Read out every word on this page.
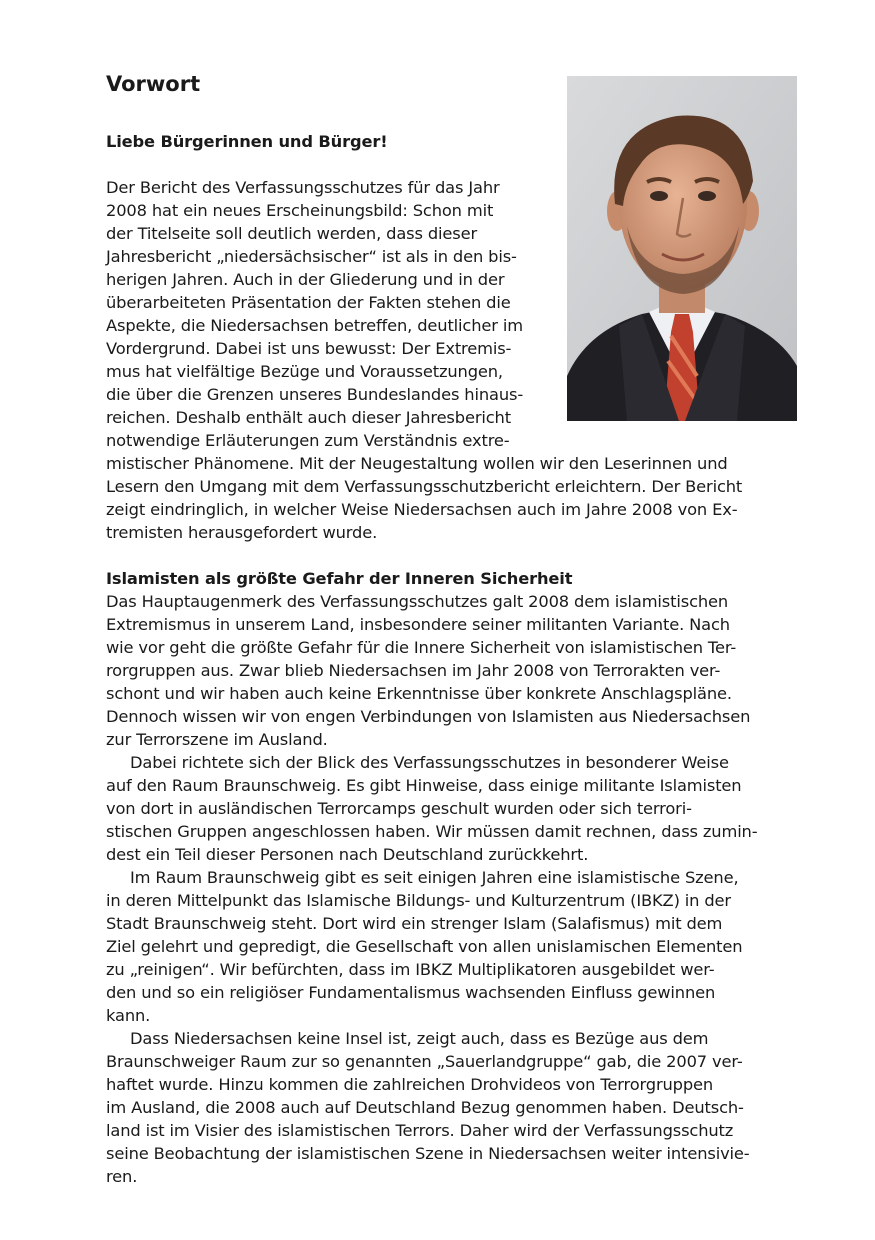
Vorwort
Liebe Bürgerinnen und Bürger!
Der Bericht des Verfassungsschutzes für das Jahr
2008 hat ein neues Erscheinungsbild: Schon mit
der Titelseite soll deutlich werden, dass dieser
Jahresbericht „niedersächsischer“ ist als in den bis-
herigen Jahren. Auch in der Gliederung und in der
überarbeiteten Präsentation der Fakten stehen die
Aspekte, die Niedersachsen betreffen, deutlicher im
Vordergrund. Dabei ist uns bewusst: Der Extremis-
mus hat vielfältige Bezüge und Voraussetzungen,
die über die Grenzen unseres Bundeslandes hinaus-
reichen. Deshalb enthält auch dieser Jahresbericht
notwendige Erläuterungen zum Verständnis extre-
mistischer Phänomene. Mit der Neugestaltung wollen wir den Leserinnen und
Lesern den Umgang mit dem Verfassungsschutzbericht erleichtern. Der Bericht
zeigt eindringlich, in welcher Weise Niedersachsen auch im Jahre 2008 von Ex-
tremisten herausgefordert wurde.
Islamisten als größte Gefahr der Inneren Sicherheit
Das Hauptaugenmerk des Verfassungsschutzes galt 2008 dem islamistischen
Extremismus in unserem Land, insbesondere seiner militanten Variante. Nach
wie vor geht die größte Gefahr für die Innere Sicherheit von islamistischen Ter-
rorgruppen aus. Zwar blieb Niedersachsen im Jahr 2008 von Terrorakten ver-
schont und wir haben auch keine Erkenntnisse über konkrete Anschlagspläne.
Dennoch wissen wir von engen Verbindungen von Islamisten aus Niedersachsen
zur Terrorszene im Ausland.
Dabei richtete sich der Blick des Verfassungsschutzes in besonderer Weise
auf den Raum Braunschweig. Es gibt Hinweise, dass einige militante Islamisten
von dort in ausländischen Terrorcamps geschult wurden oder sich terrori-
stischen Gruppen angeschlossen haben. Wir müssen damit rechnen, dass zumin-
dest ein Teil dieser Personen nach Deutschland zurückkehrt.
Im Raum Braunschweig gibt es seit einigen Jahren eine islamistische Szene,
in deren Mittelpunkt das Islamische Bildungs- und Kulturzentrum (IBKZ) in der
Stadt Braunschweig steht. Dort wird ein strenger Islam (Salafismus) mit dem
Ziel gelehrt und gepredigt, die Gesellschaft von allen unislamischen Elementen
zu „reinigen“. Wir befürchten, dass im IBKZ Multiplikatoren ausgebildet wer-
den und so ein religiöser Fundamentalismus wachsenden Einfluss gewinnen
kann.
Dass Niedersachsen keine Insel ist, zeigt auch, dass es Bezüge aus dem
Braunschweiger Raum zur so genannten „Sauerlandgruppe“ gab, die 2007 ver-
haftet wurde. Hinzu kommen die zahlreichen Drohvideos von Terrorgruppen
im Ausland, die 2008 auch auf Deutschland Bezug genommen haben. Deutsch-
land ist im Visier des islamistischen Terrors. Daher wird der Verfassungsschutz
seine Beobachtung der islamistischen Szene in Niedersachsen weiter intensivie-
ren.
